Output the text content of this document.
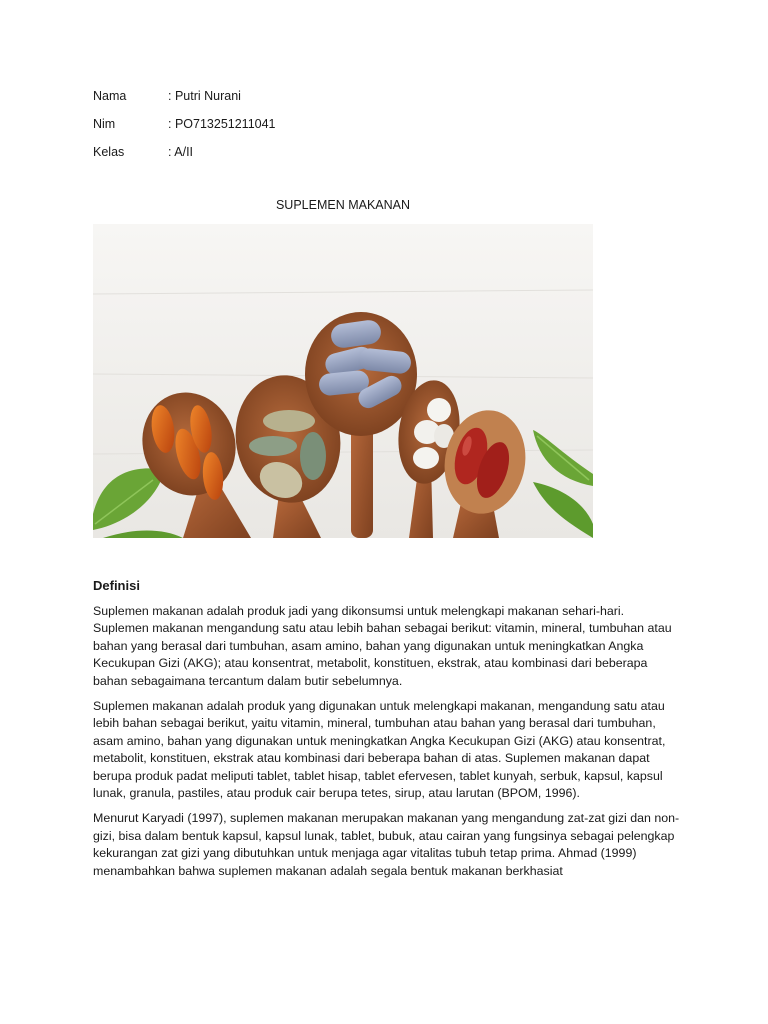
Nama	: Putri Nurani
Nim	: PO713251211041
Kelas	: A/II
SUPLEMEN MAKANAN
Definisi

Suplemen makanan adalah produk jadi yang dikonsumsi untuk melengkapi makanan sehari-hari. Suplemen makanan mengandung satu atau lebih bahan sebagai berikut: vitamin, mineral, tumbuhan atau bahan yang berasal dari tumbuhan, asam amino, bahan yang digunakan untuk meningkatkan Angka Kecukupan Gizi (AKG); atau konsentrat, metabolit, konstituen, ekstrak, atau kombinasi dari beberapa bahan sebagaimana tercantum dalam butir sebelumnya.

Suplemen makanan adalah produk yang digunakan untuk melengkapi makanan, mengandung satu atau lebih bahan sebagai berikut, yaitu vitamin, mineral, tumbuhan atau bahan yang berasal dari tumbuhan, asam amino, bahan yang digunakan untuk meningkatkan Angka Kecukupan Gizi (AKG) atau konsentrat, metabolit, konstituen, ekstrak atau kombinasi dari beberapa bahan di atas. Suplemen makanan dapat berupa produk padat meliputi tablet, tablet hisap, tablet efervesen, tablet kunyah, serbuk, kapsul, kapsul lunak, granula, pastiles, atau produk cair berupa tetes, sirup, atau larutan (BPOM, 1996).

Menurut Karyadi (1997), suplemen makanan merupakan makanan yang mengandung zat-zat gizi dan non-gizi, bisa dalam bentuk kapsul, kapsul lunak, tablet, bubuk, atau cairan yang fungsinya sebagai pelengkap kekurangan zat gizi yang dibutuhkan untuk menjaga agar vitalitas tubuh tetap prima. Ahmad (1999) menambahkan bahwa suplemen makanan adalah segala bentuk makanan berkhasiat
